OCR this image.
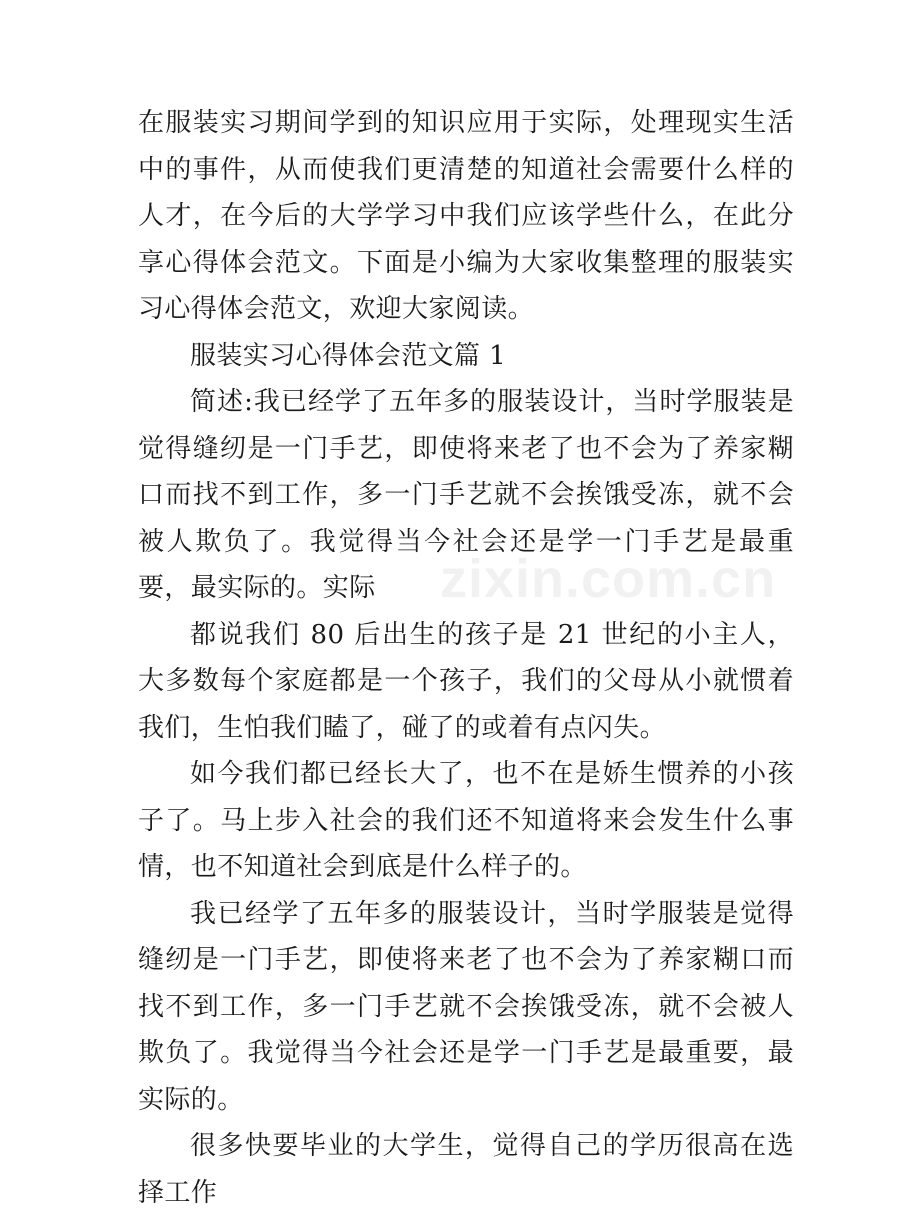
在服装实习期间学到的知识应用于实际，处理现实生活中的事件，从而使我们更清楚的知道社会需要什么样的人才，在今后的大学学习中我们应该学些什么，在此分享心得体会范文。下面是小编为大家收集整理的服装实习心得体会范文，欢迎大家阅读。

服装实习心得体会范文篇 1

简述:我已经学了五年多的服装设计，当时学服装是觉得缝纫是一门手艺，即使将来老了也不会为了养家糊口而找不到工作，多一门手艺就不会挨饿受冻，就不会被人欺负了。我觉得当今社会还是学一门手艺是最重要，最实际的。实际

都说我们 80 后出生的孩子是 21 世纪的小主人，大多数每个家庭都是一个孩子，我们的父母从小就惯着我们，生怕我们瞌了，碰了的或着有点闪失。

如今我们都已经长大了，也不在是娇生惯养的小孩子了。马上步入社会的我们还不知道将来会发生什么事情，也不知道社会到底是什么样子的。

我已经学了五年多的服装设计，当时学服装是觉得缝纫是一门手艺，即使将来老了也不会为了养家糊口而找不到工作，多一门手艺就不会挨饿受冻，就不会被人欺负了。我觉得当今社会还是学一门手艺是最重要，最实际的。

很多快要毕业的大学生，觉得自己的学历很高在选择工作

zixin.com.cn
